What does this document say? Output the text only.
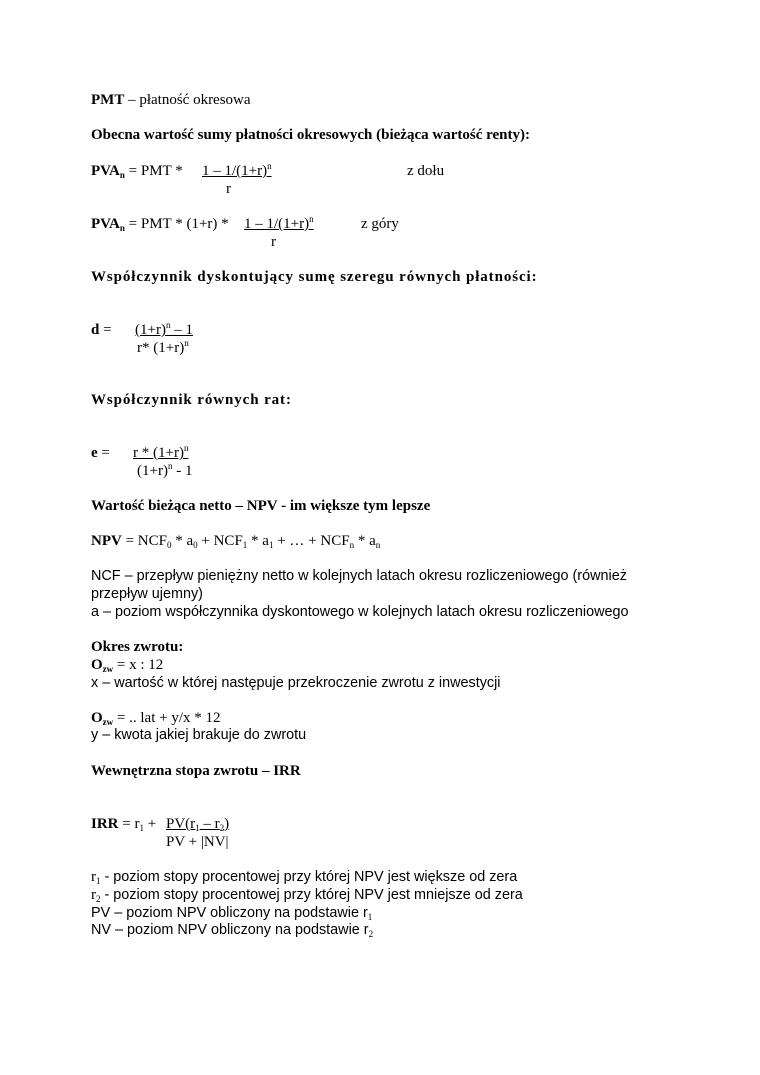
PMT – płatność okresowa
Obecna wartość sumy płatności okresowych (bieżąca wartość renty):
$PVA_n$ = PMT * $1 - 1/(1+r)^n$
r
z dołu
$PVA_n$ = PMT * $(1+r) * 1 - 1/(1+r)^n$
r
z góry
Współczynnik dyskontujący sumę szeregu równych płatności:
$d = (1+r)^n - 1$
r* $(1+r)^n$
Współczynnik równych rat:
$e = r * (1+r)^n$
$(1+r)^n - 1$
Wartość bieżąca netto – NPV - im większe tym lepsze
NPV = $NCF_0 * a_0 + NCF_1 * a_1$ + … + $NCF_n * a_n$
NCF – przepływ pieniężny netto w kolejnych latach okresu rozliczeniowego (również
przepływ ujemny)
a – poziom współczynnika dyskontowego w kolejnych latach okresu rozliczeniowego
Okres zwrotu:
$O_{zw} = x$ : 12
x – wartość w której następuje przekroczenie zwrotu z inwestycji
$O_{zw}$ = .. lat + y/x * 12
y – kwota jakiej brakuje do zwrotu
Wewnętrzna stopa zwrotu – IRR
IRR = $r_1 + PV(r_1 - r_2)$
PV + |NV|
$r_1$ - poziom stopy procentowej przy której NPV jest większe od zera
$r_2$ - poziom stopy procentowej przy której NPV jest mniejsze od zera
PV – poziom NPV obliczony na podstawie $r_1$
NV – poziom NPV obliczony na podstawie $r_2$
